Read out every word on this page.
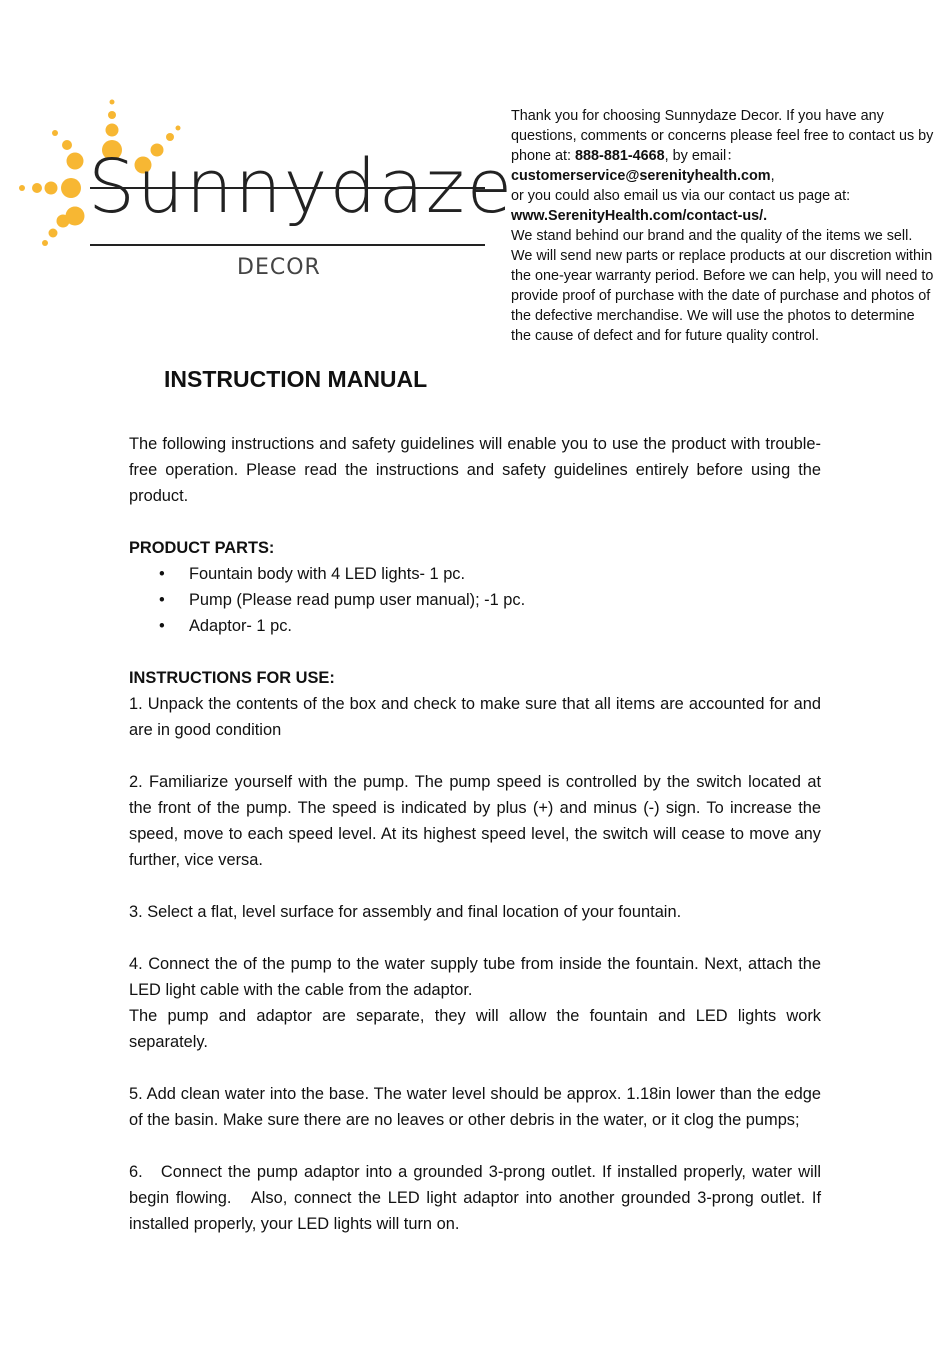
Sunnydaze
DECOR
Thank you for choosing Sunnydaze Decor. If you have any questions, comments or concerns please feel free to contact us by phone at: 888-881-4668, by email：
customerservice@serenityhealth.com,
or you could also email us via our contact us page at:
www.SerenityHealth.com/contact-us/.
We stand behind our brand and the quality of the items we sell. We will send new parts or replace products at our discretion within the one-year warranty period. Before we can help, you will need to provide proof of purchase with the date of purchase and photos of the defective merchandise. We will use the photos to determine the cause of defect and for future quality control.
INSTRUCTION MANUAL

The following instructions and safety guidelines will enable you to use the product with trouble-free operation. Please read the instructions and safety guidelines entirely before using the product.

PRODUCT PARTS:

• Fountain body with 4 LED lights- 1 pc.
• Pump (Please read pump user manual); -1 pc.
• Adaptor- 1 pc.

INSTRUCTIONS FOR USE:

1. Unpack the contents of the box and check to make sure that all items are accounted for and are in good condition

2. Familiarize yourself with the pump. The pump speed is controlled by the switch located at the front of the pump. The speed is indicated by plus (+) and minus (-) sign. To increase the speed, move to each speed level. At its highest speed level, the switch will cease to move any further, vice versa.

3. Select a flat, level surface for assembly and final location of your fountain.

4. Connect the of the pump to the water supply tube from inside the fountain. Next, attach the LED light cable with the cable from the adaptor.

The pump and adaptor are separate, they will allow the fountain and LED lights work separately.

5. Add clean water into the base. The water level should be approx. 1.18in lower than the edge of the basin. Make sure there are no leaves or other debris in the water, or it clog the pumps;

6.   Connect the pump adaptor into a grounded 3-prong outlet. If installed properly, water will begin flowing.   Also, connect the LED light adaptor into another grounded 3-prong outlet. If installed properly, your LED lights will turn on.
